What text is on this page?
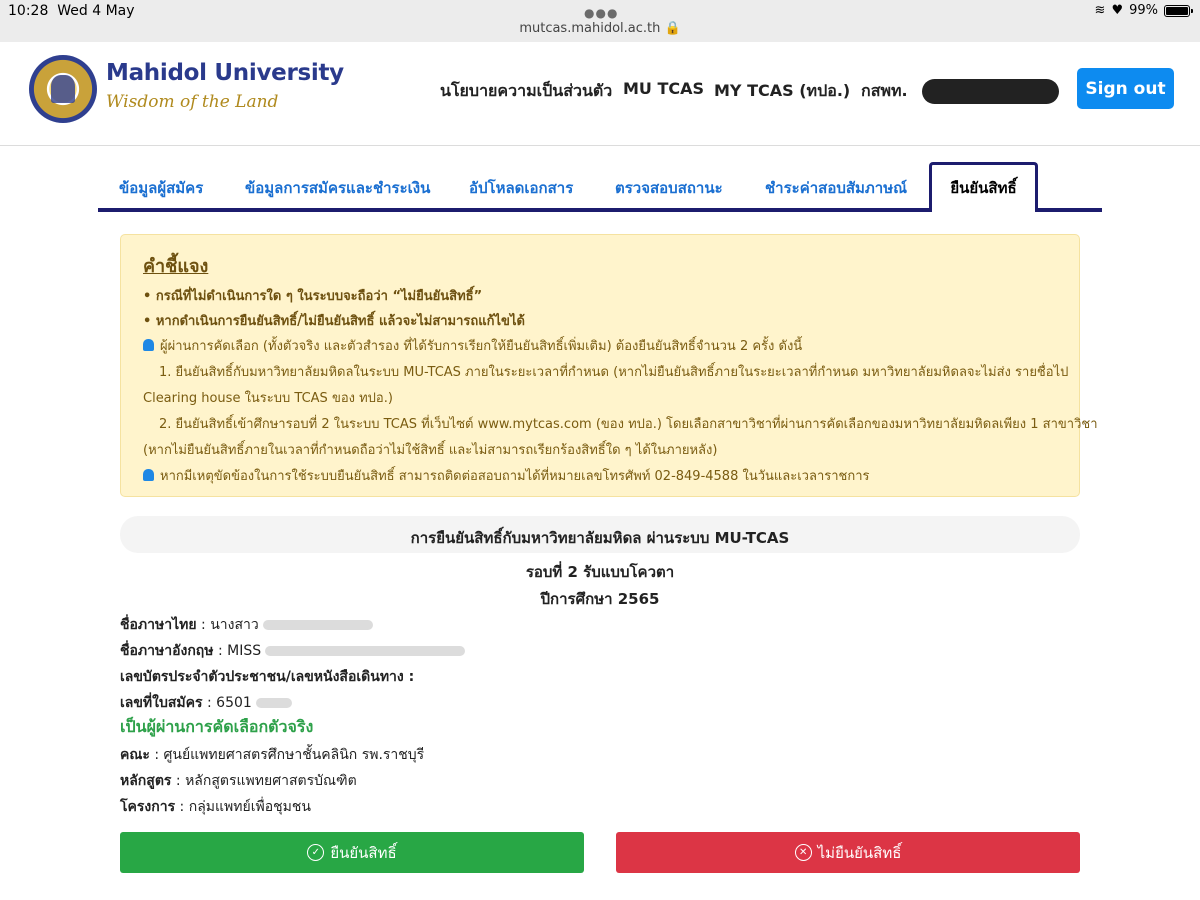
10:28 Wed 4 May	●●●
mutcas.mahidol.ac.th 🔒
≋ ♥ 99%
Mahidol University
Wisdom of the Land
นโยบายความเป็นส่วนตัว MU TCAS MY TCAS (ทปอ.) กสพท.	Sign out
ข้อมูลผู้สมัคร	ข้อมูลการสมัครและชำระเงิน	อัปโหลดเอกสาร	ตรวจสอบสถานะ	ชำระค่าสอบสัมภาษณ์	ยืนยันสิทธิ์
คำชี้แจง
• กรณีที่ไม่ดำเนินการใด ๆ ในระบบจะถือว่า “ไม่ยืนยันสิทธิ์”
• หากดำเนินการยืนยันสิทธิ์/ไม่ยืนยันสิทธิ์ แล้วจะไม่สามารถแก้ไขได้
ผู้ผ่านการคัดเลือก (ทั้งตัวจริง และตัวสำรอง ที่ได้รับการเรียกให้ยืนยันสิทธิ์เพิ่มเติม) ต้องยืนยันสิทธิ์จำนวน 2 ครั้ง ดังนี้
1. ยืนยันสิทธิ์กับมหาวิทยาลัยมหิดลในระบบ MU-TCAS ภายในระยะเวลาที่กำหนด (หากไม่ยืนยันสิทธิ์ภายในระยะเวลาที่กำหนด มหาวิทยาลัยมหิดลจะไม่ส่ง รายชื่อไป
Clearing house ในระบบ TCAS ของ ทปอ.)
2. ยืนยันสิทธิ์เข้าศึกษารอบที่ 2 ในระบบ TCAS ที่เว็บไซต์ www.mytcas.com (ของ ทปอ.) โดยเลือกสาขาวิชาที่ผ่านการคัดเลือกของมหาวิทยาลัยมหิดลเพียง 1 สาขาวิชา
(หากไม่ยืนยันสิทธิ์ภายในเวลาที่กำหนดถือว่าไม่ใช้สิทธิ์ และไม่สามารถเรียกร้องสิทธิ์ใด ๆ ได้ในภายหลัง)
หากมีเหตุขัดข้องในการใช้ระบบยืนยันสิทธิ์ สามารถติดต่อสอบถามได้ที่หมายเลขโทรศัพท์ 02-849-4588 ในวันและเวลาราชการ
การยืนยันสิทธิ์กับมหาวิทยาลัยมหิดล ผ่านระบบ MU-TCAS
รอบที่ 2 รับแบบโควตา
ปีการศึกษา 2565
ชื่อภาษาไทย : นางสาว
ชื่อภาษาอังกฤษ : MISS
เลขบัตรประจำตัวประชาชน/เลขหนังสือเดินทาง :
เลขที่ใบสมัคร : 6501
เป็นผู้ผ่านการคัดเลือกตัวจริง
คณะ : ศูนย์แพทยศาสตรศึกษาชั้นคลินิก รพ.ราชบุรี
หลักสูตร : หลักสูตรแพทยศาสตรบัณฑิต
โครงการ : กลุ่มแพทย์เพื่อชุมชน
✓ ยืนยันสิทธิ์	✕ ไม่ยืนยันสิทธิ์
